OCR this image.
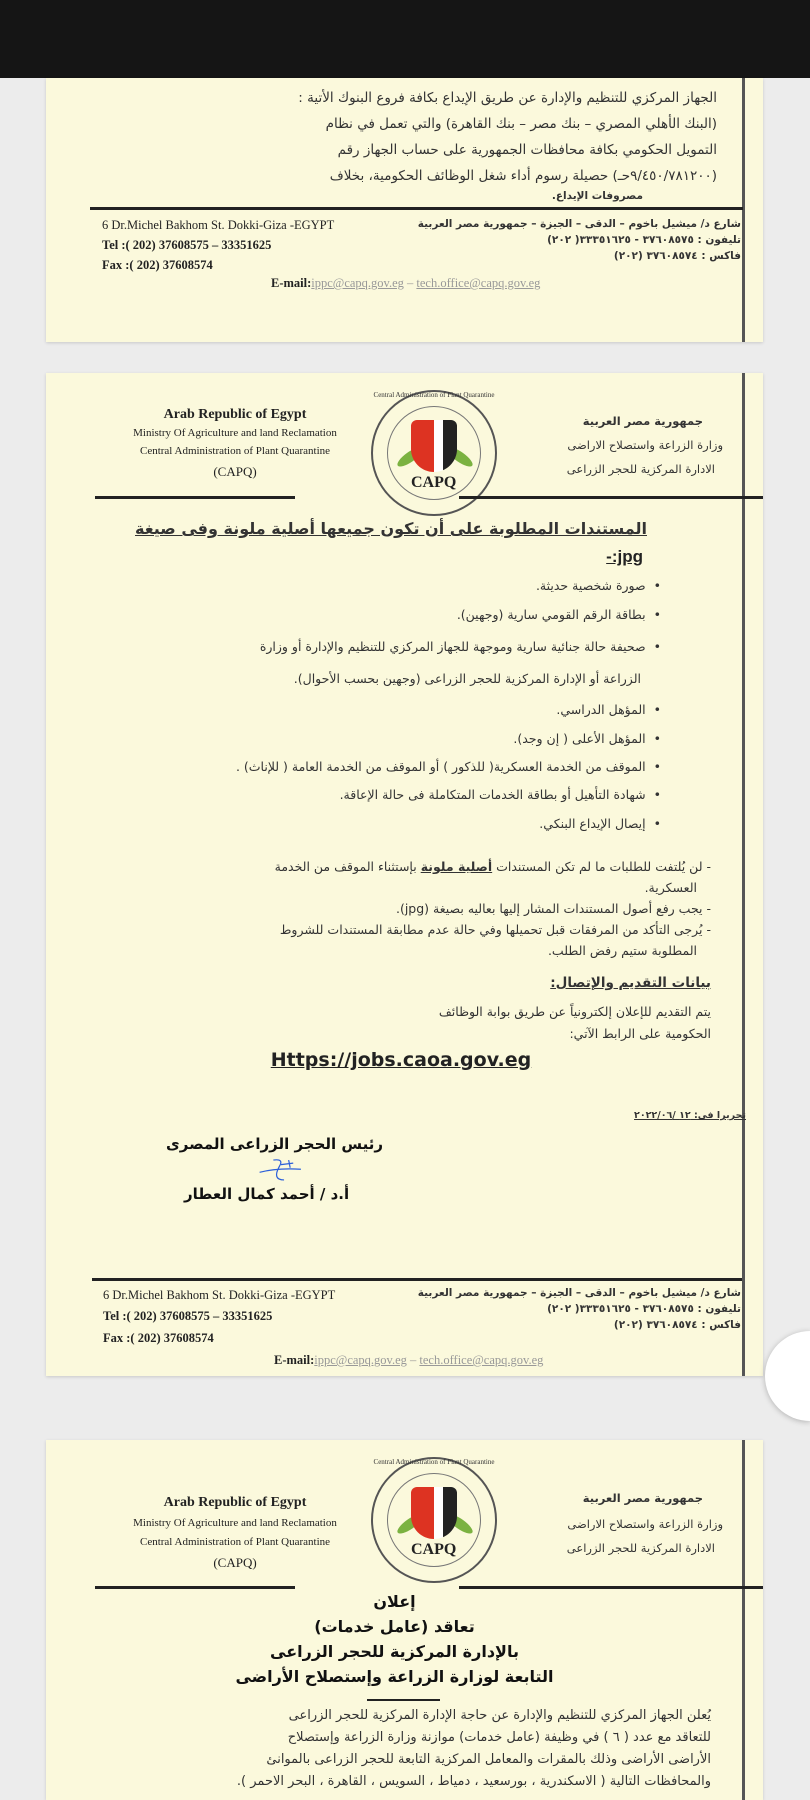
الجهاز المركزي للتنظيم والإدارة عن طريق الإيداع بكافة فروع البنوك الأتية :
(البنك الأهلي المصري – بنك مصر – بنك القاهرة) والتي تعمل في نظام
التمويل الحكومي بكافة محافظات الجمهورية على حساب الجهاز رقم
(٩/٤٥٠/٧٨١٢٠٠حـ) حصيلة رسوم أداء شغل الوظائف الحكومية، بخلاف
مصروفات الإيداع.
6 Dr.Michel Bakhom St. Dokki-Giza -EGYPT
Tel :( 202) 37608575 – 33351625
Fax :( 202) 37608574
شارع د/ ميشيل باخوم – الدقى – الجيزة – جمهورية مصر العربية
تليفون : ٣٧٦٠٨٥٧٥ - ٣٣٣٥١٦٢٥( ٢٠٢)
فاكس : ٣٧٦٠٨٥٧٤ (٢٠٢)
E-mail:ippc@capq.gov.eg – tech.office@capq.gov.eg
Arab Republic of Egypt
Ministry Of Agriculture and land Reclamation
Central Administration of Plant Quarantine
(CAPQ)
جمهورية مصر العربية
وزارة الزراعة واستصلاح الاراضى
الادارة المركزية للحجر الزراعى
Central Administration of Plant Quarantine
CAPQ
المستندات المطلوبة على أن تكون جميعها أصلية ملونة وفى صيغة
-:jpg
• صورة شخصية حديثة.
• بطاقة الرقم القومي سارية (وجهين).
• صحيفة حالة جنائية سارية وموجهة للجهاز المركزي للتنظيم والإدارة أو وزارة
الزراعة أو الإدارة المركزية للحجر الزراعى (وجهين بحسب الأحوال).
• المؤهل الدراسي.
• المؤهل الأعلى ( إن وجد).
• الموقف من الخدمة العسكرية( للذكور ) أو الموقف من الخدمة العامة ( للإناث) .
• شهادة التأهيل أو بطاقة الخدمات المتكاملة فى حالة الإعاقة.
• إيصال الإيداع البنكي.
- لن يُلتفت للطلبات ما لم تكن المستندات أصلية ملونة بإستثناء الموقف من الخدمة
العسكرية.
- يجب رفع أصول المستندات المشار إليها بعاليه بصيغة (jpg).
- يُرجى التأكد من المرفقات قبل تحميلها وفي حالة عدم مطابقة المستندات للشروط
المطلوبة ستيم رفض الطلب.
بيانات التقديم والإتصال:
يتم التقديم للإعلان إلكترونياً عن طريق بوابة الوظائف
الحكومية على الرابط الآتي:
Https://jobs.caoa.gov.eg
تحريرا فى: ١٢ /٢٠٢٢/٠٦
رئيس الحجر الزراعى المصرى
أ.د / أحمد كمال العطار
6 Dr.Michel Bakhom St. Dokki-Giza -EGYPT
Tel :( 202) 37608575 – 33351625
Fax :( 202) 37608574
شارع د/ ميشيل باخوم – الدقى – الجيزة – جمهورية مصر العربية
تليفون : ٣٧٦٠٨٥٧٥ - ٣٣٣٥١٦٢٥( ٢٠٢)
فاكس : ٣٧٦٠٨٥٧٤ (٢٠٢)
E-mail:ippc@capq.gov.eg – tech.office@capq.gov.eg
Arab Republic of Egypt
Ministry Of Agriculture and land Reclamation
Central Administration of Plant Quarantine
(CAPQ)
جمهورية مصر العربية
وزارة الزراعة واستصلاح الاراضى
الادارة المركزية للحجر الزراعى
Central Administration of Plant Quarantine
CAPQ
إعلان
تعاقد (عامل خدمات)
بالإدارة المركزية للحجر الزراعى
التابعة لوزارة الزراعة وإستصلاح الأراضى
يُعلن الجهاز المركزي للتنظيم والإدارة عن حاجة الإدارة المركزية للحجر الزراعى
للتعاقد مع عدد ( ٦ ) في وظيفة (عامل خدمات) موازنة وزارة الزراعة وإستصلاح
الأراضى الأراضى وذلك بالمقرات والمعامل المركزية التابعة للحجر الزراعى بالموانئ
والمحافظات التالية ( الاسكندرية ، بورسعيد ، دمياط ، السويس ، القاهرة ، البحر الاحمر ).
